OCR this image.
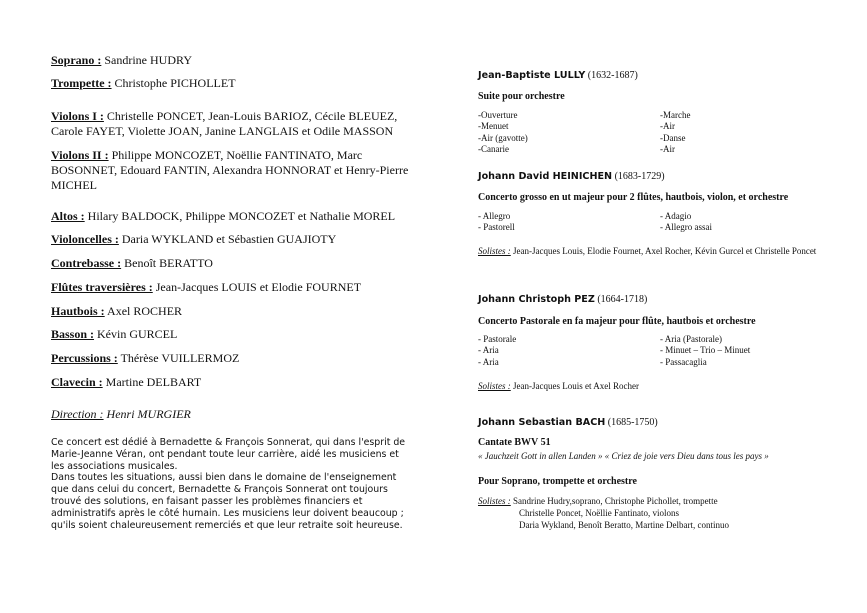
Soprano : Sandrine HUDRY
Trompette : Christophe PICHOLLET
Violons I : Christelle PONCET, Jean-Louis BARIOZ, Cécile BLEUEZ, Carole FAYET, Violette JOAN, Janine LANGLAIS et Odile MASSON
Violons II : Philippe MONCOZET, Noëllie FANTINATO, Marc BOSONNET, Edouard FANTIN, Alexandra HONNORAT et Henry-Pierre MICHEL
Altos : Hilary BALDOCK, Philippe MONCOZET et Nathalie MOREL
Violoncelles : Daria WYKLAND et Sébastien GUAJIOTY
Contrebasse : Benoît BERATTO
Flûtes traversières : Jean-Jacques LOUIS et Elodie FOURNET
Hautbois : Axel ROCHER
Basson : Kévin GURCEL
Percussions : Thérèse VUILLERMOZ
Clavecin : Martine DELBART
Direction : Henri MURGIER

Ce concert est dédié à Bernadette & François Sonnerat, qui dans l'esprit de Marie-Jeanne Véran, ont pendant toute leur carrière, aidé les musiciens et les associations musicales.

Dans toutes les situations, aussi bien dans le domaine de l'enseignement que dans celui du concert, Bernadette & François Sonnerat ont toujours trouvé des solutions, en faisant passer les problèmes financiers et administratifs après le côté humain. Les musiciens leur doivent beaucoup ; qu'ils soient chaleureusement remerciés et que leur retraite soit heureuse.

Jean-Baptiste LULLY (1632-1687)
Suite pour orchestre
-Ouverture
-Menuet
-Air (gavotte)
-Canarie
-Marche
-Air
-Danse
-Air
Johann David HEINICHEN (1683-1729)
Concerto grosso en ut majeur pour 2 flûtes, hautbois, violon, et orchestre
- Allegro
- Pastorell
- Adagio
- Allegro assai
Solistes : Jean-Jacques Louis, Elodie Fournet, Axel Rocher, Kévin Gurcel et Christelle Poncet
Johann Christoph PEZ (1664-1718)
Concerto Pastorale en fa majeur pour flûte, hautbois et orchestre
- Pastorale
- Aria
- Aria
- Aria (Pastorale)
- Minuet – Trio – Minuet
- Passacaglia
Solistes : Jean-Jacques Louis et Axel Rocher
Johann Sebastian BACH (1685-1750)
Cantate BWV 51
« Jauchzeit Gott in allen Landen » « Criez de joie vers Dieu dans tous les pays »
Pour Soprano, trompette et orchestre
Solistes : Sandrine Hudry,soprano, Christophe Pichollet, trompette
Christelle Poncet, Noëllie Fantinato, violons
Daria Wykland, Benoît Beratto, Martine Delbart, continuo
